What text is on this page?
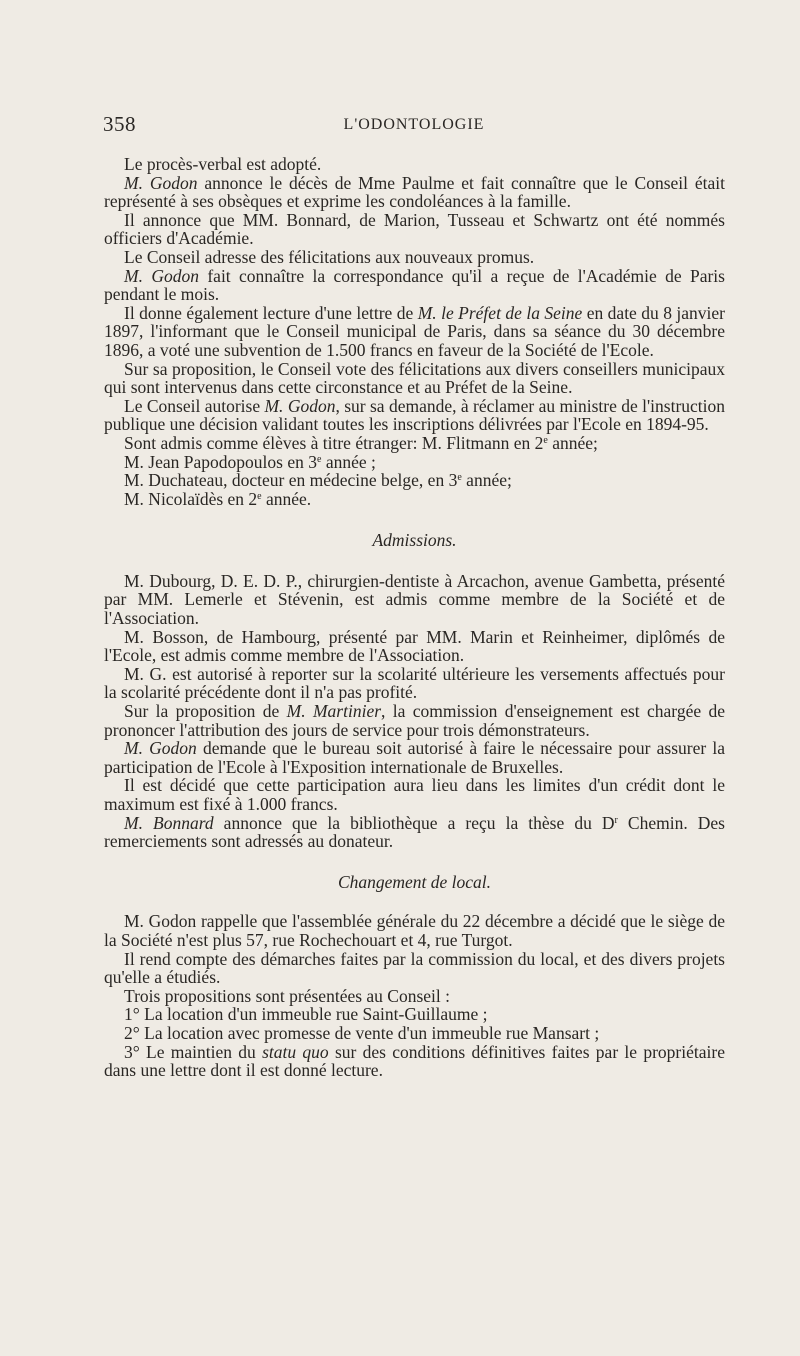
358	L'ODONTOLOGIE

Le procès-verbal est adopté.

M. Godon annonce le décès de Mme Paulme et fait connaître que le Conseil était représenté à ses obsèques et exprime les condoléances à la famille.

Il annonce que MM. Bonnard, de Marion, Tusseau et Schwartz ont été nommés officiers d'Académie.

Le Conseil adresse des félicitations aux nouveaux promus.

M. Godon fait connaître la correspondance qu'il a reçue de l'Académie de Paris pendant le mois.

Il donne également lecture d'une lettre de M. le Préfet de la Seine en date du 8 janvier 1897, l'informant que le Conseil municipal de Paris, dans sa séance du 30 décembre 1896, a voté une subvention de 1.500 francs en faveur de la Société de l'Ecole.

Sur sa proposition, le Conseil vote des félicitations aux divers conseillers municipaux qui sont intervenus dans cette circonstance et au Préfet de la Seine.

Le Conseil autorise M. Godon, sur sa demande, à réclamer au ministre de l'instruction publique une décision validant toutes les inscriptions délivrées par l'Ecole en 1894-95.

Sont admis comme élèves à titre étranger: M. Flitmann en 2e année;

M. Jean Papodopoulos en 3e année ;

M. Duchateau, docteur en médecine belge, en 3e année;

M. Nicolaïdès en 2e année.

Admissions.

M. Dubourg, D. E. D. P., chirurgien-dentiste à Arcachon, avenue Gambetta, présenté par MM. Lemerle et Stévenin, est admis comme membre de la Société et de l'Association.

M. Bosson, de Hambourg, présenté par MM. Marin et Reinheimer, diplômés de l'Ecole, est admis comme membre de l'Association.

M. G. est autorisé à reporter sur la scolarité ultérieure les versements affectués pour la scolarité précédente dont il n'a pas profité.

Sur la proposition de M. Martinier, la commission d'enseignement est chargée de prononcer l'attribution des jours de service pour trois démonstrateurs.

M. Godon demande que le bureau soit autorisé à faire le nécessaire pour assurer la participation de l'Ecole à l'Exposition internationale de Bruxelles.

Il est décidé que cette participation aura lieu dans les limites d'un crédit dont le maximum est fixé à 1.000 francs.

M. Bonnard annonce que la bibliothèque a reçu la thèse du $D^r$ Chemin. Des remerciements sont adressés au donateur.

Changement de local.

M. Godon rappelle que l'assemblée générale du 22 décembre a décidé que le siège de la Société n'est plus 57, rue Rochechouart et 4, rue Turgot.

Il rend compte des démarches faites par la commission du local, et des divers projets qu'elle a étudiés.

Trois propositions sont présentées au Conseil :

1° La location d'un immeuble rue Saint-Guillaume ;

2° La location avec promesse de vente d'un immeuble rue Mansart ;

3° Le maintien du statu quo sur des conditions définitives faites par le propriétaire dans une lettre dont il est donné lecture.
